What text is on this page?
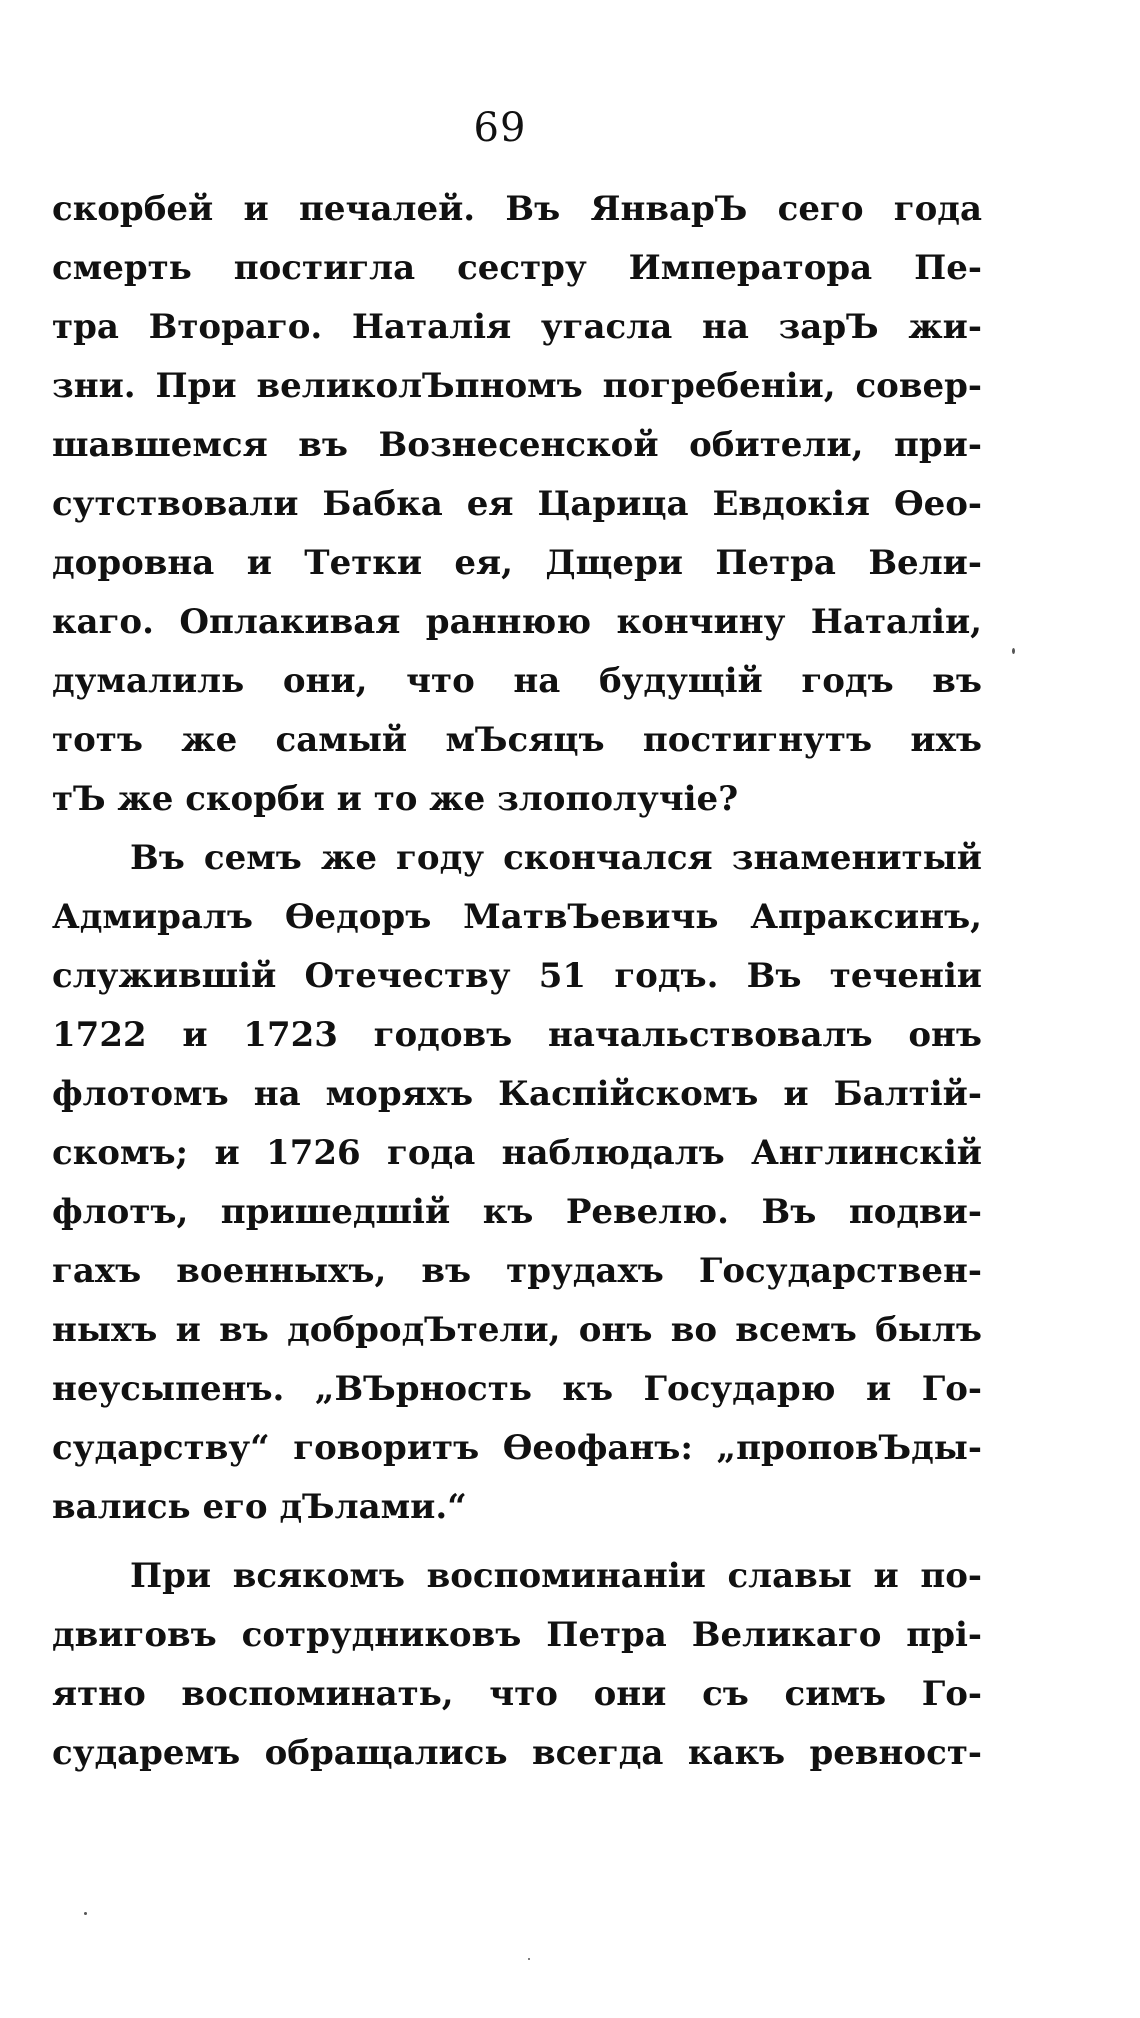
69
скорбей и печалей. Въ ЯнварЪ сего года
смерть постигла сестру Императора Пе-
тра Втораго. Наталія угасла на зарЪ жи-
зни. При великолЪпномъ погребеніи, совер-
шавшемся въ Вознесенской обители, при-
сутствовали Бабка ея Царица Евдокія Ѳео-
доровна и Тетки ея, Дщери Петра Вели-
каго. Оплакивая раннюю кончину Наталіи,
думалиль они, что на будущій годъ въ
тотъ же самый мЪсяцъ постигнутъ ихъ
тЪ же скорби и то же злополучіе?
Въ семъ же году скончался знаменитый
Адмиралъ Ѳедоръ МатвЪевичь Апраксинъ,
служившій Отечеству 51 годъ. Въ теченіи
1722 и 1723 годовъ начальствовалъ онъ
флотомъ на моряхъ Каспійскомъ и Балтій-
скомъ; и 1726 года наблюдалъ Англинскій
флотъ, пришедшій къ Ревелю. Въ подви-
гахъ военныхъ, въ трудахъ Государствен-
ныхъ и въ добродЪтели, онъ во всемъ былъ
неусыпенъ. „ВЪрность къ Государю и Го-
сударству“ говоритъ Ѳеофанъ: „проповЪды-
вались его дЪлами.“
При всякомъ воспоминаніи славы и по-
двиговъ сотрудниковъ Петра Великаго прі-
ятно воспоминать, что они съ симъ Го-
сударемъ обращались всегда какъ ревност-
